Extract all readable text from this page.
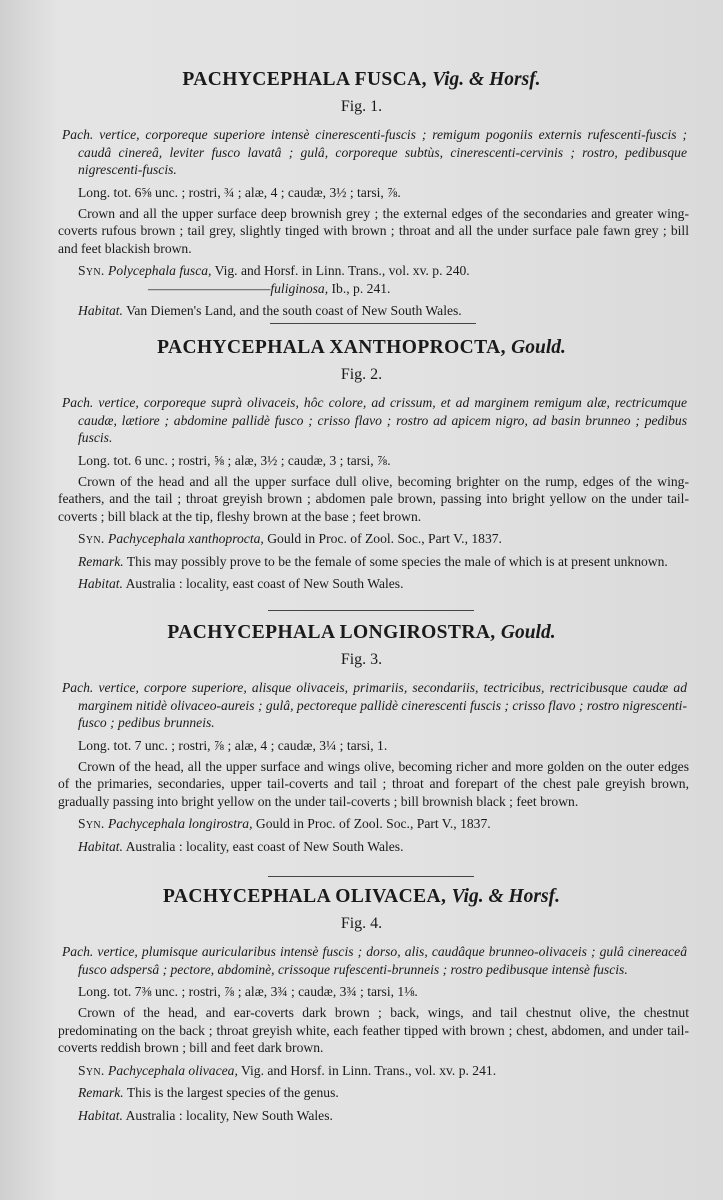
PACHYCEPHALA FUSCA, Vig. & Horsf.
Fig. 1.

Pach. vertice, corporeque superiore intensè cinerescenti-fuscis ; remigum pogoniis externis rufescenti-fuscis ; caudâ cinereâ, leviter fusco lavatâ ; gulâ, corporeque subtùs, cinerescenti-cervinis ; rostro, pedibusque nigrescenti-fuscis.

Long. tot. 6⅝ unc. ; rostri, ¾ ; alæ, 4 ; caudæ, 3½ ; tarsi, ⅞.

Crown and all the upper surface deep brownish grey ; the external edges of the secondaries and greater wing-coverts rufous brown ; tail grey, slightly tinged with brown ; throat and all the under surface pale fawn grey ; bill and feet blackish brown.

Syn. Polycephala fusca, Vig. and Horsf. in Linn. Trans., vol. xv. p. 240.
—————————fuliginosa, Ib., p. 241.

Habitat. Van Diemen's Land, and the south coast of New South Wales.

PACHYCEPHALA XANTHOPROCTA, Gould.
Fig. 2.

Pach. vertice, corporeque suprà olivaceis, hôc colore, ad crissum, et ad marginem remigum alæ, rectricumque caudæ, lætiore ; abdomine pallidè fusco ; crisso flavo ; rostro ad apicem nigro, ad basin brunneo ; pedibus fuscis.

Long. tot. 6 unc. ; rostri, ⅝ ; alæ, 3½ ; caudæ, 3 ; tarsi, ⅞.

Crown of the head and all the upper surface dull olive, becoming brighter on the rump, edges of the wing-feathers, and the tail ; throat greyish brown ; abdomen pale brown, passing into bright yellow on the under tail-coverts ; bill black at the tip, fleshy brown at the base ; feet brown.

Syn. Pachycephala xanthoprocta, Gould in Proc. of Zool. Soc., Part V., 1837.

Remark. This may possibly prove to be the female of some species the male of which is at present unknown.

Habitat. Australia : locality, east coast of New South Wales.

PACHYCEPHALA LONGIROSTRA, Gould.
Fig. 3.

Pach. vertice, corpore superiore, alisque olivaceis, primariis, secondariis, tectricibus, rectricibusque caudæ ad marginem nitidè olivaceo-aureis ; gulâ, pectoreque pallidè cinerescenti fuscis ; crisso flavo ; rostro nigrescenti-fusco ; pedibus brunneis.

Long. tot. 7 unc. ; rostri, ⅞ ; alæ, 4 ; caudæ, 3¼ ; tarsi, 1.

Crown of the head, all the upper surface and wings olive, becoming richer and more golden on the outer edges of the primaries, secondaries, upper tail-coverts and tail ; throat and forepart of the chest pale greyish brown, gradually passing into bright yellow on the under tail-coverts ; bill brownish black ; feet brown.

Syn. Pachycephala longirostra, Gould in Proc. of Zool. Soc., Part V., 1837.

Habitat. Australia : locality, east coast of New South Wales.

PACHYCEPHALA OLIVACEA, Vig. & Horsf.
Fig. 4.

Pach. vertice, plumisque auricularibus intensè fuscis ; dorso, alis, caudâque brunneo-olivaceis ; gulâ cinereaceâ fusco adspersâ ; pectore, abdominè, crissoque rufescenti-brunneis ; rostro pedibusque intensè fuscis.

Long. tot. 7⅜ unc. ; rostri, ⅞ ; alæ, 3¾ ; caudæ, 3¾ ; tarsi, 1⅛.

Crown of the head, and ear-coverts dark brown ; back, wings, and tail chestnut olive, the chestnut predominating on the back ; throat greyish white, each feather tipped with brown ; chest, abdomen, and under tail-coverts reddish brown ; bill and feet dark brown.

Syn. Pachycephala olivacea, Vig. and Horsf. in Linn. Trans., vol. xv. p. 241.

Remark. This is the largest species of the genus.

Habitat. Australia : locality, New South Wales.
